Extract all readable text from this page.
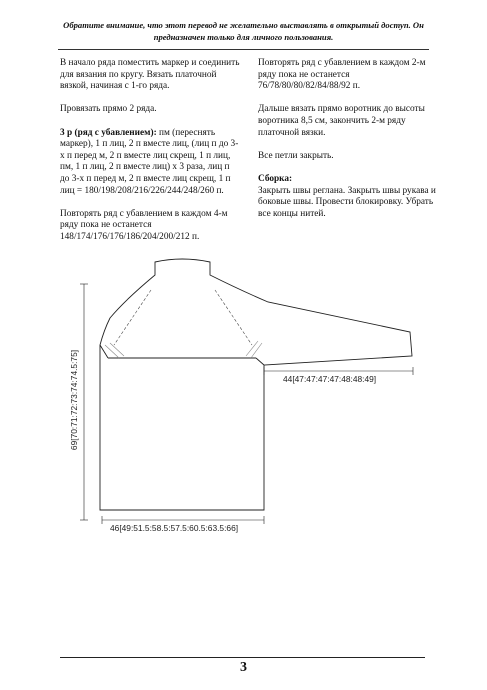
Обратите внимание, что этот перевод не желательно выставлять в открытый доступ. Он
предназначен только для личного пользования.

В начало ряда поместить маркер и соединить для вязания по кругу. Вязать платочной вязкой, начиная с 1-го ряда.

Провязать прямо 2 ряда.

3 р (ряд с убавлением): пм (переснять маркер), 1 п лиц, 2 п вместе лиц, (лиц п до 3-х п перед м, 2 п вместе лиц скрещ, 1 п лиц, пм, 1 п лиц, 2 п вместе лиц) х 3 раза, лиц п до 3-х п перед м, 2 п вместе лиц скрещ, 1 п лиц = 180/198/208/216/226/244/248/260 п.

Повторять ряд с убавлением в каждом 4-м ряду пока не останется 148/174/176/176/186/204/200/212 п.

Повторять ряд с убавлением в каждом 2-м ряду пока не останется 76/78/80/80/82/84/88/92 п.

Дальше вязать прямо воротник до высоты воротника 8,5 см, закончить 2-м ряду платочной вязки.

Все петли закрыть.

Сборка:
Закрыть швы реглана. Закрыть швы рукава и боковые швы. Провести блокировку. Убрать все концы нитей.
44[47:47:47:47:48:48:49]
69[70:71:72:73:74:74.5:75]
46[49:51.5:58.5:57.5:60.5:63.5:66]
3
